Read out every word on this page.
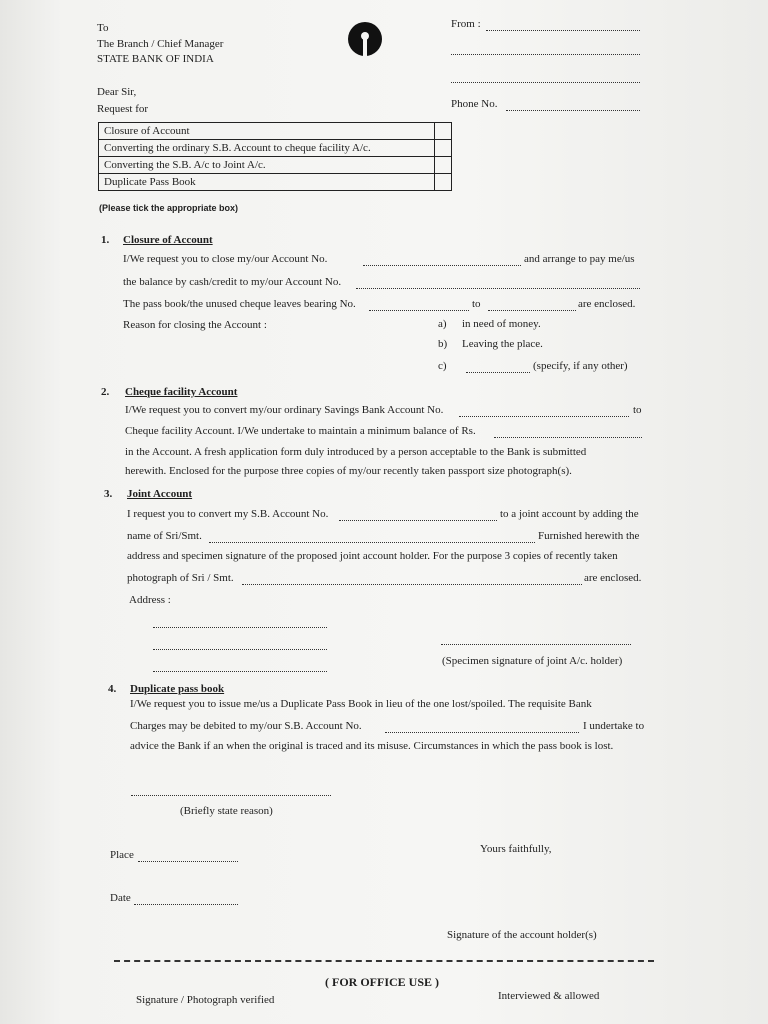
To
The Branch / Chief Manager
STATE BANK OF INDIA
From :
Phone No.
Dear Sir,
Request for
Closure of Account	
Converting the ordinary S.B. Account to cheque facility A/c.	
Converting the S.B. A/c to Joint A/c.	
Duplicate Pass Book	
(Please tick the appropriate box)
1. Closure of Account
I/We request you to close my/our Account No.	and arrange to pay me/us
the balance by cash/credit to my/our Account No.
The pass book/the unused cheque leaves bearing No.	to	are enclosed.
Reason for closing the Account :	a) in need of money.
b) Leaving the place.
c)	(specify, if any other)
2. Cheque facility Account
I/We request you to convert my/our ordinary Savings Bank Account No.	to
Cheque facility Account. I/We undertake to maintain a minimum balance of Rs.
in the Account. A fresh application form duly introduced by a person acceptable to the Bank is submitted
herewith. Enclosed for the purpose three copies of my/our recently taken passport size photograph(s).
3. Joint Account
I request you to convert my S.B. Account No.	to a joint account by adding the
name of Sri/Smt.	Furnished herewith the
address and specimen signature of the proposed joint account holder. For the purpose 3 copies of recently taken
photograph of Sri / Smt.	are enclosed.
Address :
(Specimen signature of joint A/c. holder)
4. Duplicate pass book
I/We request you to issue me/us a Duplicate Pass Book in lieu of the one lost/spoiled. The requisite Bank
Charges may be debited to my/our S.B. Account No.	I undertake to
advice the Bank if an when the original is traced and its misuse. Circumstances in which the pass book is lost.
(Briefly state reason)
Place	Yours faithfully,
Date
Signature of the account holder(s)
( FOR OFFICE USE )
Signature / Photograph verified	Interviewed & allowed
